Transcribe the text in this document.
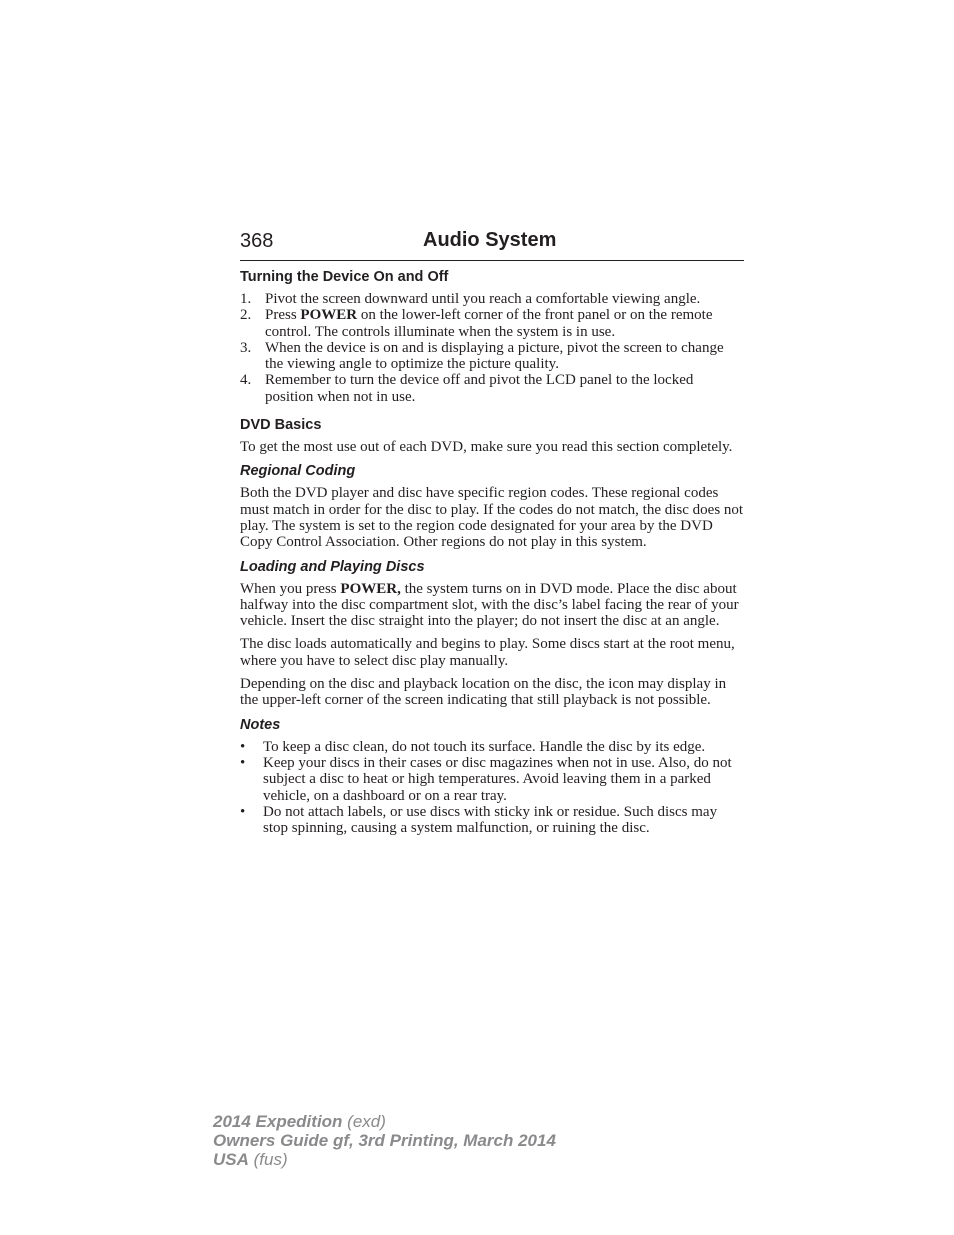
368	Audio System
Turning the Device On and Off
1. Pivot the screen downward until you reach a comfortable viewing angle.
2. Press POWER on the lower-left corner of the front panel or on the remote control. The controls illuminate when the system is in use.
3. When the device is on and is displaying a picture, pivot the screen to change the viewing angle to optimize the picture quality.
4. Remember to turn the device off and pivot the LCD panel to the locked position when not in use.
DVD Basics

To get the most use out of each DVD, make sure you read this section completely.

Regional Coding

Both the DVD player and disc have specific region codes. These regional codes must match in order for the disc to play. If the codes do not match, the disc does not play. The system is set to the region code designated for your area by the DVD Copy Control Association. Other regions do not play in this system.

Loading and Playing Discs

When you press POWER, the system turns on in DVD mode. Place the disc about halfway into the disc compartment slot, with the disc’s label facing the rear of your vehicle. Insert the disc straight into the player; do not insert the disc at an angle.

The disc loads automatically and begins to play. Some discs start at the root menu, where you have to select disc play manually.

Depending on the disc and playback location on the disc, the icon may display in the upper-left corner of the screen indicating that still playback is not possible.

Notes
• To keep a disc clean, do not touch its surface. Handle the disc by its edge.
• Keep your discs in their cases or disc magazines when not in use. Also, do not subject a disc to heat or high temperatures. Avoid leaving them in a parked vehicle, on a dashboard or on a rear tray.
• Do not attach labels, or use discs with sticky ink or residue. Such discs may stop spinning, causing a system malfunction, or ruining the disc.
2014 Expedition (exd)
Owners Guide gf, 3rd Printing, March 2014
USA (fus)
